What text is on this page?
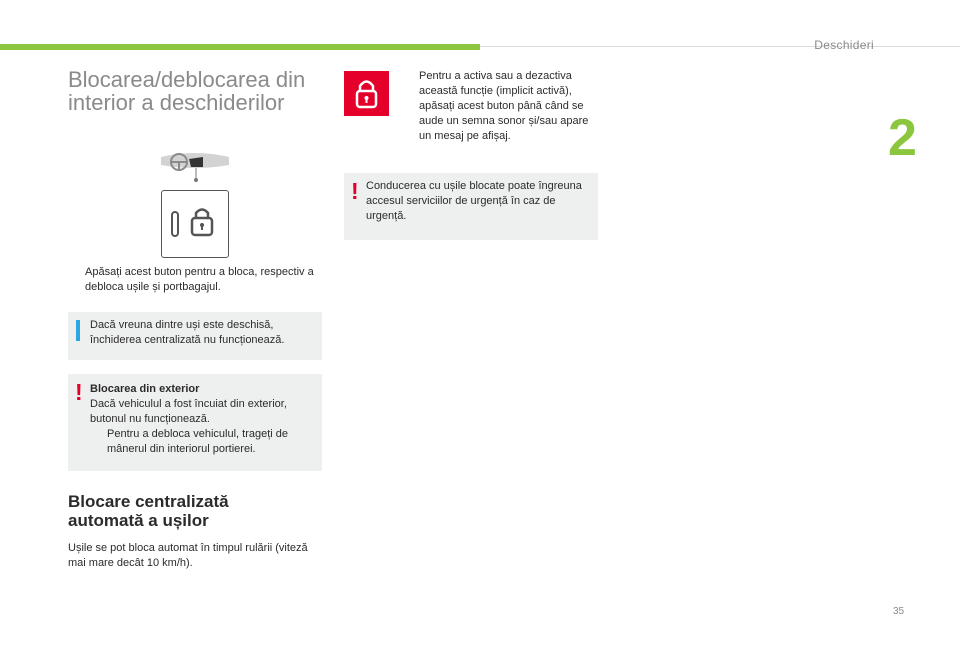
Deschideri
2
35
Blocarea/deblocarea din interior a deschiderilor
Apăsați acest buton pentru a bloca, respectiv a debloca ușile și portbagajul.
Dacă vreuna dintre uși este deschisă, închiderea centralizată nu funcționează.
! Blocarea din exterior
Dacă vehiculul a fost încuiat din exterior, butonul nu funcționează.
Pentru a debloca vehiculul, trageți de mânerul din interiorul portierei.
Blocare centralizată automată a ușilor
Ușile se pot bloca automat în timpul rulării (viteză mai mare decât 10 km/h).
Pentru a activa sau a dezactiva această funcție (implicit activă), apăsați acest buton până când se aude un semna sonor și/sau apare un mesaj pe afișaj.
! Conducerea cu ușile blocate poate îngreuna accesul serviciilor de urgență în caz de urgență.
